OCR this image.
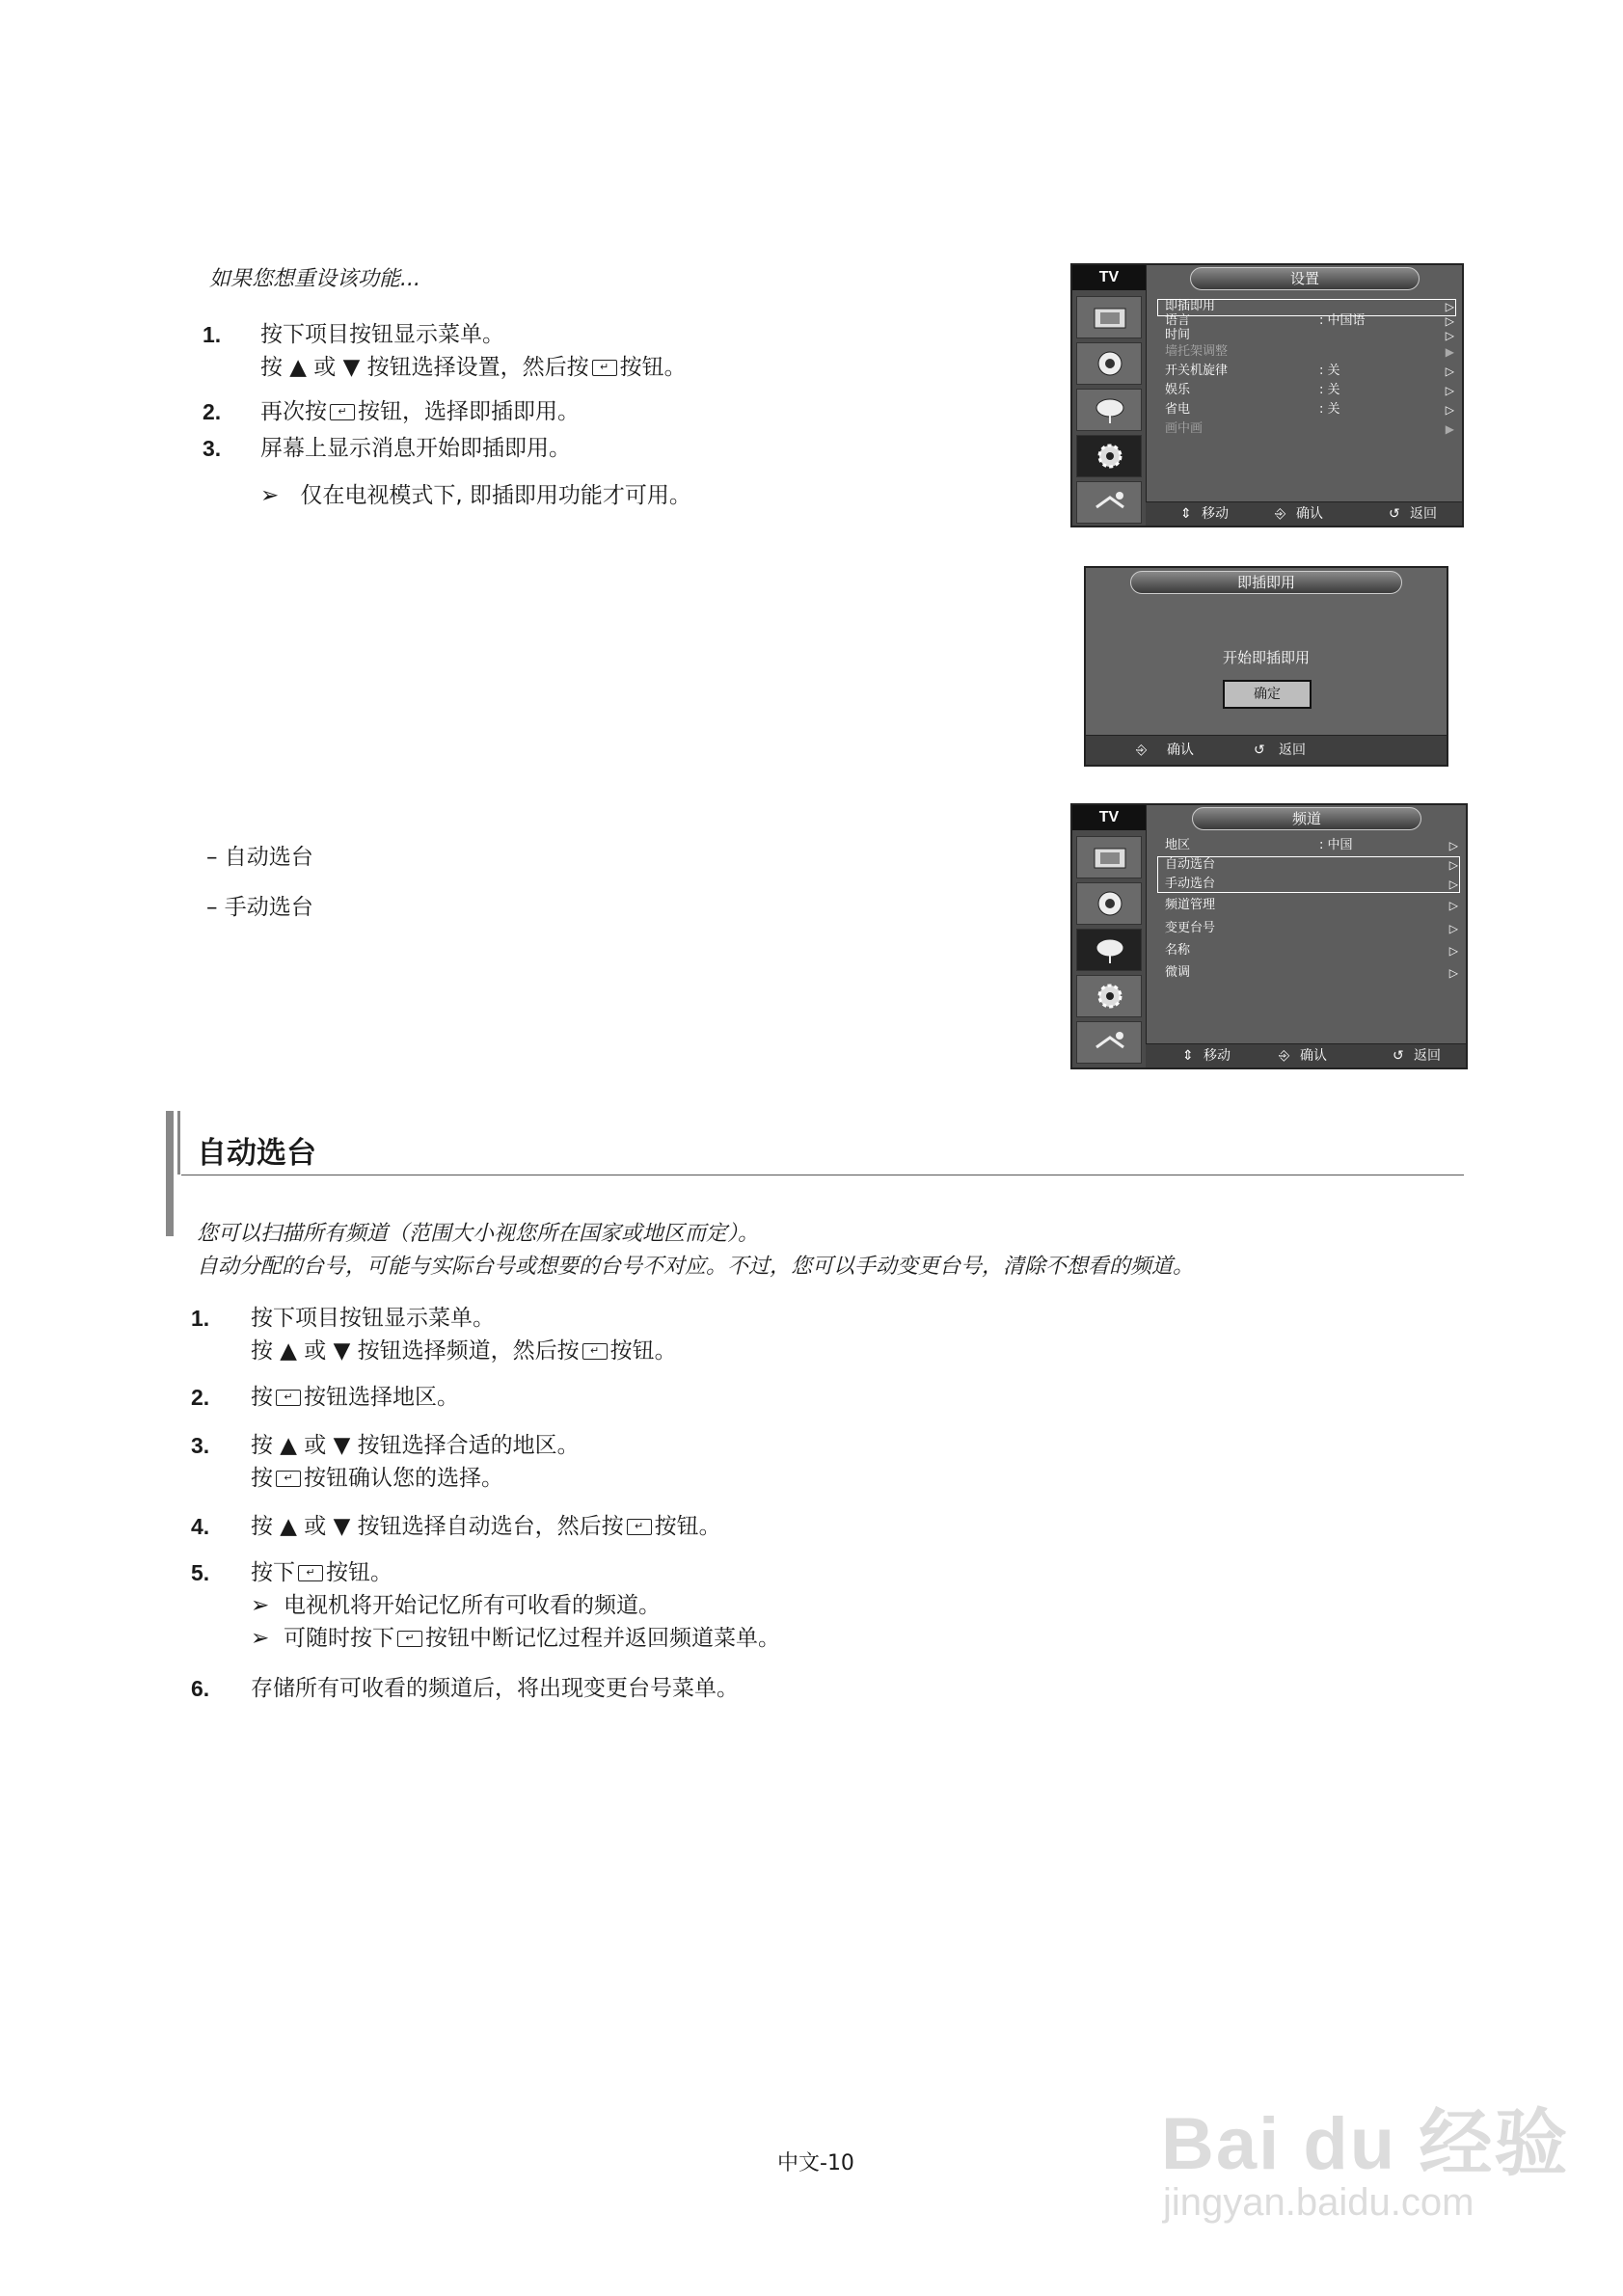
如果您想重设该功能...
1. 按下项目按钮显示菜单。
按 ▲ 或 ▼ 按钮选择设置，然后按 ↵ 按钮。
2. 再次按 ↵ 按钮，选择即插即用。
3. 屏幕上显示消息开始即插即用。
➢ 仅在电视模式下, 即插即用功能才可用。
TV	设置
即插即用	▷
语言	: 中国语	▷
时间	▷
墙托架调整	▶
开关机旋律	: 关	▷
娱乐	: 关	▷
省电	: 关	▷
画中画	▶
⇕ 移动	⎆ 确认	↺ 返回
即插即用
开始即插即用
确定
⎆ 确认	↺ 返回
– 自动选台
– 手动选台
TV	频道
地区	: 中国	▷
自动选台	▷
手动选台	▷
频道管理	▷
变更台号	▷
名称	▷
微调	▷
⇕ 移动	⎆ 确认	↺ 返回
自动选台
您可以扫描所有频道（范围大小视您所在国家或地区而定）。
自动分配的台号，可能与实际台号或想要的台号不对应。不过，您可以手动变更台号，清除不想看的频道。
1. 按下项目按钮显示菜单。
按 ▲ 或 ▼ 按钮选择频道，然后按 ↵ 按钮。
2. 按 ↵ 按钮选择地区。
3. 按 ▲ 或 ▼ 按钮选择合适的地区。
按 ↵ 按钮确认您的选择。
4. 按 ▲ 或 ▼ 按钮选择自动选台，然后按 ↵ 按钮。
5. 按下 ↵ 按钮。
➢ 电视机将开始记忆所有可收看的频道。
➢ 可随时按下 ↵ 按钮中断记忆过程并返回频道菜单。
6. 存储所有可收看的频道后，将出现变更台号菜单。
中文-10	Bai du 经验
jingyan.baidu.com
